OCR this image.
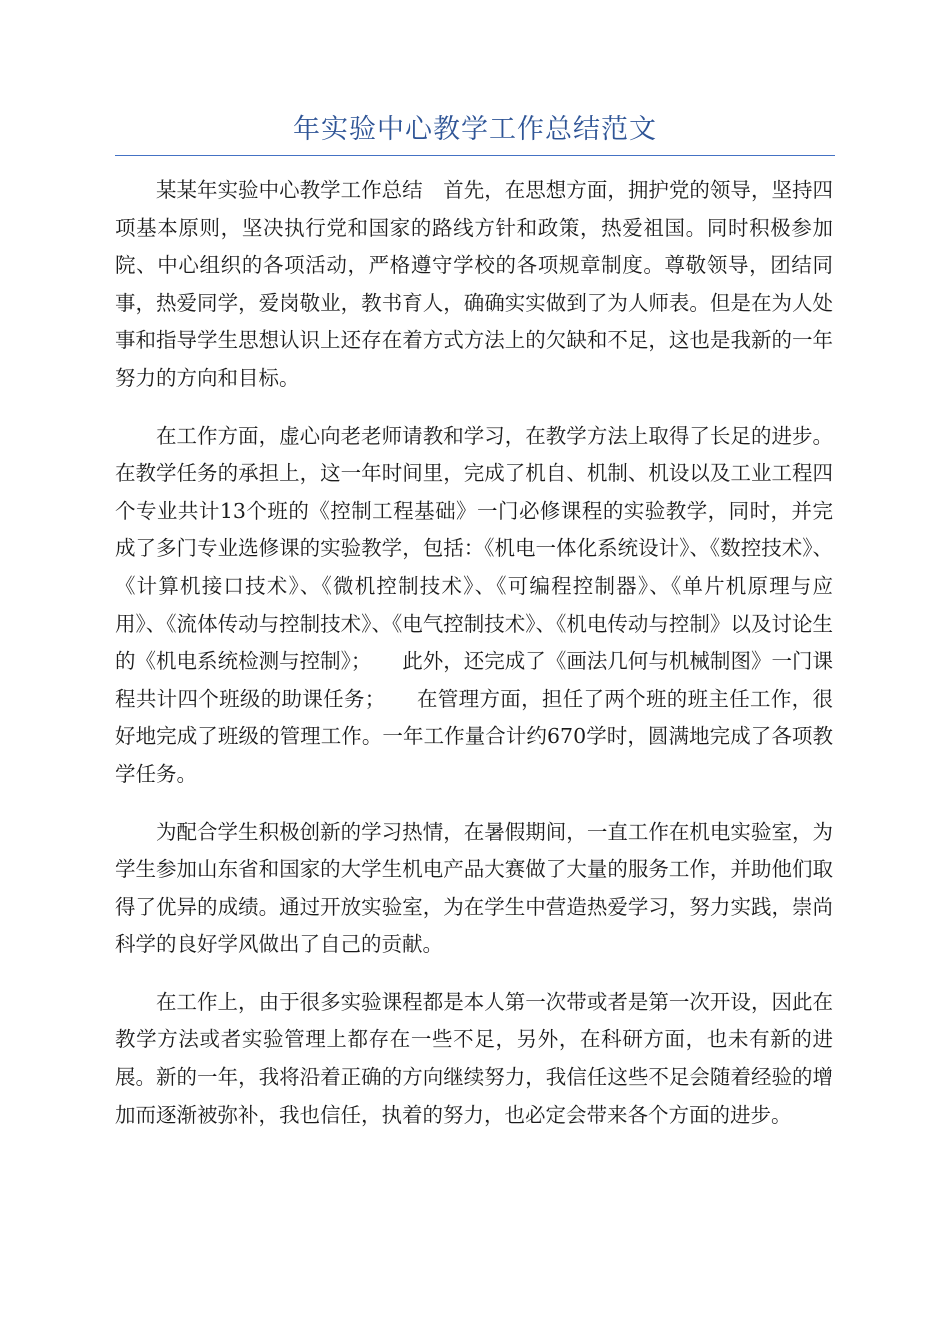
年实验中心教学工作总结范文

某某年实验中心教学工作总结　首先，在思想方面，拥护党的领导，坚持四项基本原则，坚决执行党和国家的路线方针和政策，热爱祖国。同时积极参加院、中心组织的各项活动，严格遵守学校的各项规章制度。尊敬领导，团结同事，热爱同学，爱岗敬业，教书育人，确确实实做到了为人师表。但是在为人处事和指导学生思想认识上还存在着方式方法上的欠缺和不足，这也是我新的一年努力的方向和目标。

在工作方面，虚心向老老师请教和学习，在教学方法上取得了长足的进步。在教学任务的承担上，这一年时间里，完成了机自、机制、机设以及工业工程四个专业共计13个班的《控制工程基础》一门必修课程的实验教学，同时，并完成了多门专业选修课的实验教学，包括：《机电一体化系统设计》、《数控技术》、《计算机接口技术》、《微机控制技术》、《可编程控制器》、《单片机原理与应用》、《流体传动与控制技术》、《电气控制技术》、《机电传动与控制》以及讨论生的《机电系统检测与控制》；　　此外，还完成了《画法几何与机械制图》一门课程共计四个班级的助课任务；　　在管理方面，担任了两个班的班主任工作，很好地完成了班级的管理工作。一年工作量合计约670学时，圆满地完成了各项教学任务。

为配合学生积极创新的学习热情，在暑假期间，一直工作在机电实验室，为学生参加山东省和国家的大学生机电产品大赛做了大量的服务工作，并助他们取得了优异的成绩。通过开放实验室，为在学生中营造热爱学习，努力实践，崇尚科学的良好学风做出了自己的贡献。

在工作上，由于很多实验课程都是本人第一次带或者是第一次开设，因此在教学方法或者实验管理上都存在一些不足，另外，在科研方面，也未有新的进展。新的一年，我将沿着正确的方向继续努力，我信任这些不足会随着经验的增加而逐渐被弥补，我也信任，执着的努力，也必定会带来各个方面的进步。
